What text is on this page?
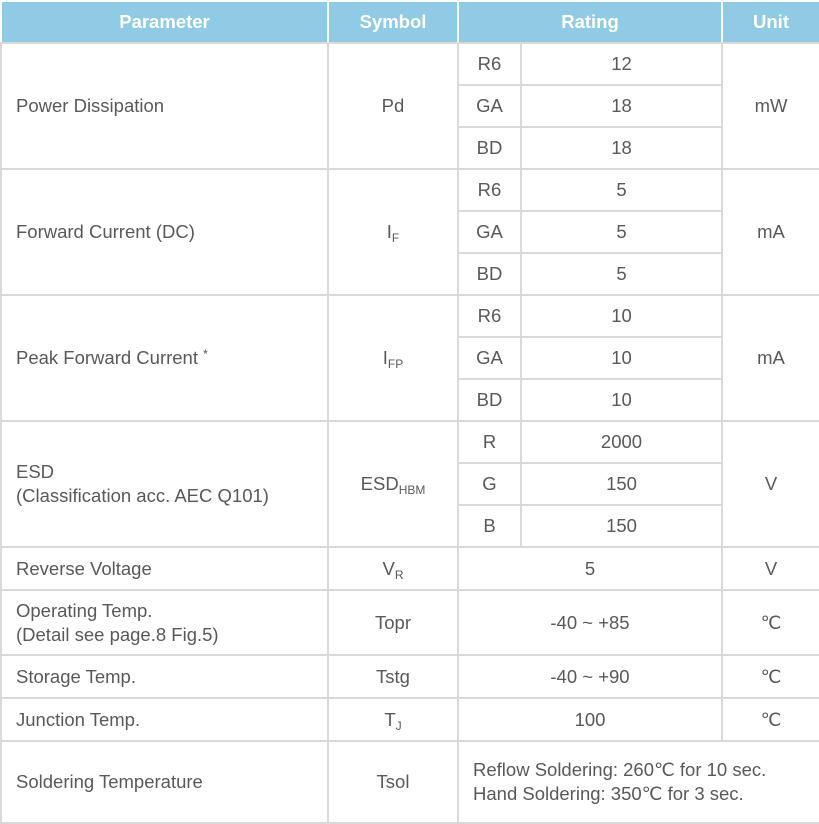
Parameter	Symbol	Rating		Unit
Power Dissipation	Pd	R6	12	mW
		GA	18	
		BD	18	
Forward Current (DC)	$I_F$	R6	5	mA
		GA	5	
		BD	5	
Peak Forward Current *	$I_{FP}$	R6	10	mA
		GA	10	
		BD	10	

ESD
(Classification acc. AEC Q101)	$ESD_{HBM}$	R	2000	V
		G	150	
		B	150	
Reverse Voltage	$V_R$	5		V

Operating Temp.
(Detail see page.8 Fig.5)	Topr	-40 ~ +85		℃
Storage Temp.	Tstg	-40 ~ +90		℃
Junction Temp.	$T_J$	100		℃
Soldering Temperature	Tsol	Reflow Soldering: 260℃ for 10 sec.
Hand Soldering: 350℃ for 3 sec.		
